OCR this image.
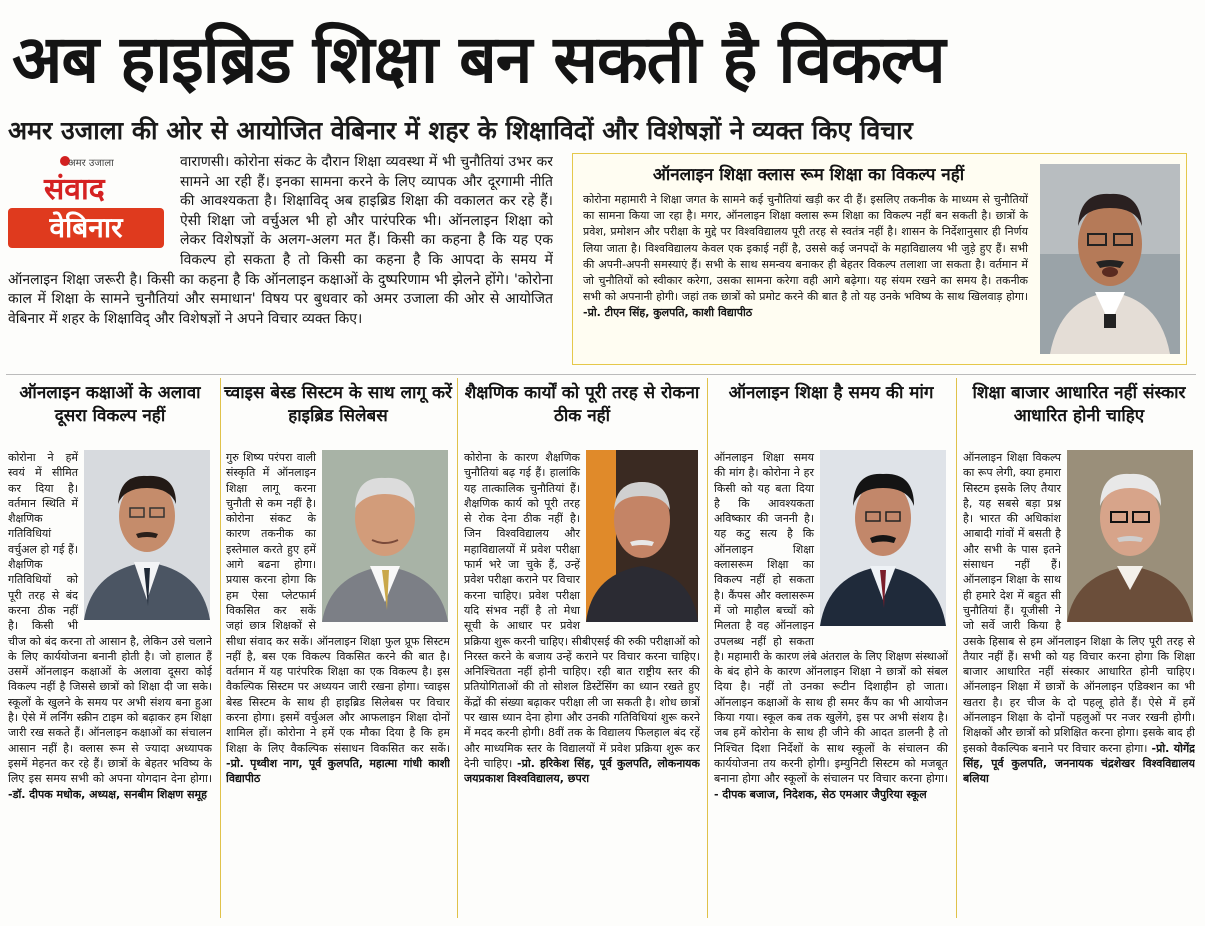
अब हाइब्रिड शिक्षा बन सकती है विकल्प
अमर उजाला की ओर से आयोजित वेबिनार में शहर के शिक्षाविदों और विशेषज्ञों ने व्यक्त किए विचार
वाराणसी। कोरोना संकट के दौरान शिक्षा व्यवस्था में भी चुनौतियां उभर कर सामने आ रही हैं। इनका सामना करने के लिए व्यापक और दूरगामी नीति की आवश्यकता है। शिक्षाविद् अब हाइब्रिड शिक्षा की वकालत कर रहे हैं। ऐसी शिक्षा जो वर्चुअल भी हो और पारंपरिक भी। ऑनलाइन शिक्षा को लेकर विशेषज्ञों के अलग-अलग मत हैं। किसी का कहना है कि यह एक विकल्प हो सकता है तो किसी का कहना है कि आपदा के समय में ऑनलाइन शिक्षा जरूरी है। किसी का कहना है कि ऑनलाइन कक्षाओं के दुष्परिणाम भी झेलने होंगे। 'कोरोना काल में शिक्षा के सामने चुनौतियां और समाधान' विषय पर बुधवार को अमर उजाला की ओर से आयोजित वेबिनार में शहर के शिक्षाविद् और विशेषज्ञों ने अपने विचार व्यक्त किए।
अमर उजाला
संवाद
वेबिनार
ऑनलाइन शिक्षा क्लास रूम शिक्षा का विकल्प नहीं
कोरोना महामारी ने शिक्षा जगत के सामने कई चुनौतियां खड़ी कर दी हैं। इसलिए तकनीक के माध्यम से चुनौतियों का सामना किया जा रहा है। मगर, ऑनलाइन शिक्षा क्लास रूम शिक्षा का विकल्प नहीं बन सकती है। छात्रों के प्रवेश, प्रमोशन और परीक्षा के मुद्दे पर विश्वविद्यालय पूरी तरह से स्वतंत्र नहीं है। शासन के निर्देशानुसार ही निर्णय लिया जाता है। विश्वविद्यालय केवल एक इकाई नहीं है, उससे कई जनपदों के महाविद्यालय भी जुड़े हुए हैं। सभी की अपनी-अपनी समस्याएं हैं। सभी के साथ समन्वय बनाकर ही बेहतर विकल्प तलाशा जा सकता है। वर्तमान में जो चुनौतियों को स्वीकार करेगा, उसका सामना करेगा वही आगे बढ़ेगा। यह संयम रखने का समय है। तकनीक सभी को अपनानी होगी। जहां तक छात्रों को प्रमोट करने की बात है तो यह उनके भविष्य के साथ खिलवाड़ होगा। -प्रो. टीएन सिंह, कुलपति, काशी विद्यापीठ
ऑनलाइन कक्षाओं के अलावा दूसरा विकल्प नहीं
कोरोना ने हमें स्वयं में सीमित कर दिया है। वर्तमान स्थिति में शैक्षणिक गतिविधियां वर्चुअल हो गई हैं। शैक्षणिक गतिविधियों को पूरी तरह से बंद करना ठीक नहीं है। किसी भी चीज को बंद करना तो आसान है, लेकिन उसे चलाने के लिए कार्ययोजना बनानी होती है। जो हालात हैं उसमें ऑनलाइन कक्षाओं के अलावा दूसरा कोई विकल्प नहीं है जिससे छात्रों को शिक्षा दी जा सके। स्कूलों के खुलने के समय पर अभी संशय बना हुआ है। ऐसे में लर्निंग स्क्रीन टाइम को बढ़ाकर हम शिक्षा जारी रख सकते हैं। ऑनलाइन कक्षाओं का संचालन आसान नहीं है। क्लास रूम से ज्यादा अध्यापक इसमें मेहनत कर रहे हैं। छात्रों के बेहतर भविष्य के लिए इस समय सभी को अपना योगदान देना होगा। -डॉ. दीपक मधोक, अध्यक्ष, सनबीम शिक्षण समूह
च्वाइस बेस्ड सिस्टम के साथ लागू करें हाइब्रिड सिलेबस
गुरु शिष्य परंपरा वाली संस्कृति में ऑनलाइन शिक्षा लागू करना चुनौती से कम नहीं है। कोरोना संकट के कारण तकनीक का इस्तेमाल करते हुए हमें आगे बढना होगा। प्रयास करना होगा कि हम ऐसा प्लेटफार्म विकसित कर सकें जहां छात्र शिक्षकों से सीधा संवाद कर सकें। ऑनलाइन शिक्षा फुल प्रूफ सिस्टम नहीं है, बस एक विकल्प विकसित करने की बात है। वर्तमान में यह पारंपरिक शिक्षा का एक विकल्प है। इस वैकल्पिक सिस्टम पर अध्ययन जारी रखना होगा। च्वाइस बेस्ड सिस्टम के साथ ही हाइब्रिड सिलेबस पर विचार करना होगा। इसमें वर्चुअल और आफलाइन शिक्षा दोनों शामिल हों। कोरोना ने हमें एक मौका दिया है कि हम शिक्षा के लिए वैकल्पिक संसाधन विकसित कर सकें। -प्रो. पृथ्वीश नाग, पूर्व कुलपति, महात्मा गांधी काशी विद्यापीठ
शैक्षणिक कार्यों को पूरी तरह से रोकना ठीक नहीं
कोरोना के कारण शैक्षणिक चुनौतियां बढ़ गई हैं। हालांकि यह तात्कालिक चुनौतियां हैं। शैक्षणिक कार्य को पूरी तरह से रोक देना ठीक नहीं है। जिन विश्वविद्यालय और महाविद्यालयों में प्रवेश परीक्षा फार्म भरे जा चुके हैं, उन्हें प्रवेश परीक्षा कराने पर विचार करना चाहिए। प्रवेश परीक्षा यदि संभव नहीं है तो मेधा सूची के आधार पर प्रवेश प्रक्रिया शुरू करनी चाहिए। सीबीएसई की रुकी परीक्षाओं को निरस्त करने के बजाय उन्हें कराने पर विचार करना चाहिए। अनिश्चितता नहीं होनी चाहिए। रही बात राष्ट्रीय स्तर की प्रतियोगिताओं की तो सोशल डिस्टेंसिंग का ध्यान रखते हुए केंद्रों की संख्या बढ़ाकर परीक्षा ली जा सकती है। शोध छात्रों पर खास ध्यान देना होगा और उनकी गतिविधियां शुरू करने में मदद करनी होगी। 8वीं तक के विद्यालय फिलहाल बंद रहें और माध्यमिक स्तर के विद्यालयों में प्रवेश प्रक्रिया शुरू कर देनी चाहिए। -प्रो. हरिकेश सिंह, पूर्व कुलपति, लोकनायक जयप्रकाश विश्वविद्यालय, छपरा
ऑनलाइन शिक्षा है समय की मांग
ऑनलाइन शिक्षा समय की मांग है। कोरोना ने हर किसी को यह बता दिया है कि आवश्यकता अविष्कार की जननी है। यह कटु सत्य है कि ऑनलाइन शिक्षा क्लासरूम शिक्षा का विकल्प नहीं हो सकता है। कैंपस और क्लासरूम में जो माहौल बच्चों को मिलता है वह ऑनलाइन उपलब्ध नहीं हो सकता है। महामारी के कारण लंबे अंतराल के लिए शिक्षण संस्थाओं के बंद होने के कारण ऑनलाइन शिक्षा ने छात्रों को संबल दिया है। नहीं तो उनका रूटीन दिशाहीन हो जाता। ऑनलाइन कक्षाओं के साथ ही समर कैंप का भी आयोजन किया गया। स्कूल कब तक खुलेंगे, इस पर अभी संशय है। जब हमें कोरोना के साथ ही जीने की आदत डालनी है तो निश्चित दिशा निर्देशों के साथ स्कूलों के संचालन की कार्ययोजना तय करनी होगी। इम्युनिटी सिस्टम को मजबूत बनाना होगा और स्कूलों के संचालन पर विचार करना होगा। - दीपक बजाज, निदेशक, सेठ एमआर जैपुरिया स्कूल
शिक्षा बाजार आधारित नहीं संस्कार आधारित होनी चाहिए
ऑनलाइन शिक्षा विकल्प का रूप लेगी, क्या हमारा सिस्टम इसके लिए तैयार है, यह सबसे बड़ा प्रश्न है। भारत की अधिकांश आबादी गांवों में बसती है और सभी के पास इतने संसाधन नहीं हैं। ऑनलाइन शिक्षा के साथ ही हमारे देश में बहुत सी चुनौतियां हैं। यूजीसी ने जो सर्वे जारी किया है उसके हिसाब से हम ऑनलाइन शिक्षा के लिए पूरी तरह से तैयार नहीं हैं। सभी को यह विचार करना होगा कि शिक्षा बाजार आधारित नहीं संस्कार आधारित होनी चाहिए। ऑनलाइन शिक्षा में छात्रों के ऑनलाइन एडिक्शन का भी खतरा है। हर चीज के दो पहलू होते हैं। ऐसे में हमें ऑनलाइन शिक्षा के दोनों पहलुओं पर नजर रखनी होगी। शिक्षकों और छात्रों को प्रशिक्षित करना होगा। इसके बाद ही इसको वैकल्पिक बनाने पर विचार करना होगा। -प्रो. योगेंद्र सिंह, पूर्व कुलपति, जननायक चंद्रशेखर विश्वविद्यालय बलिया
